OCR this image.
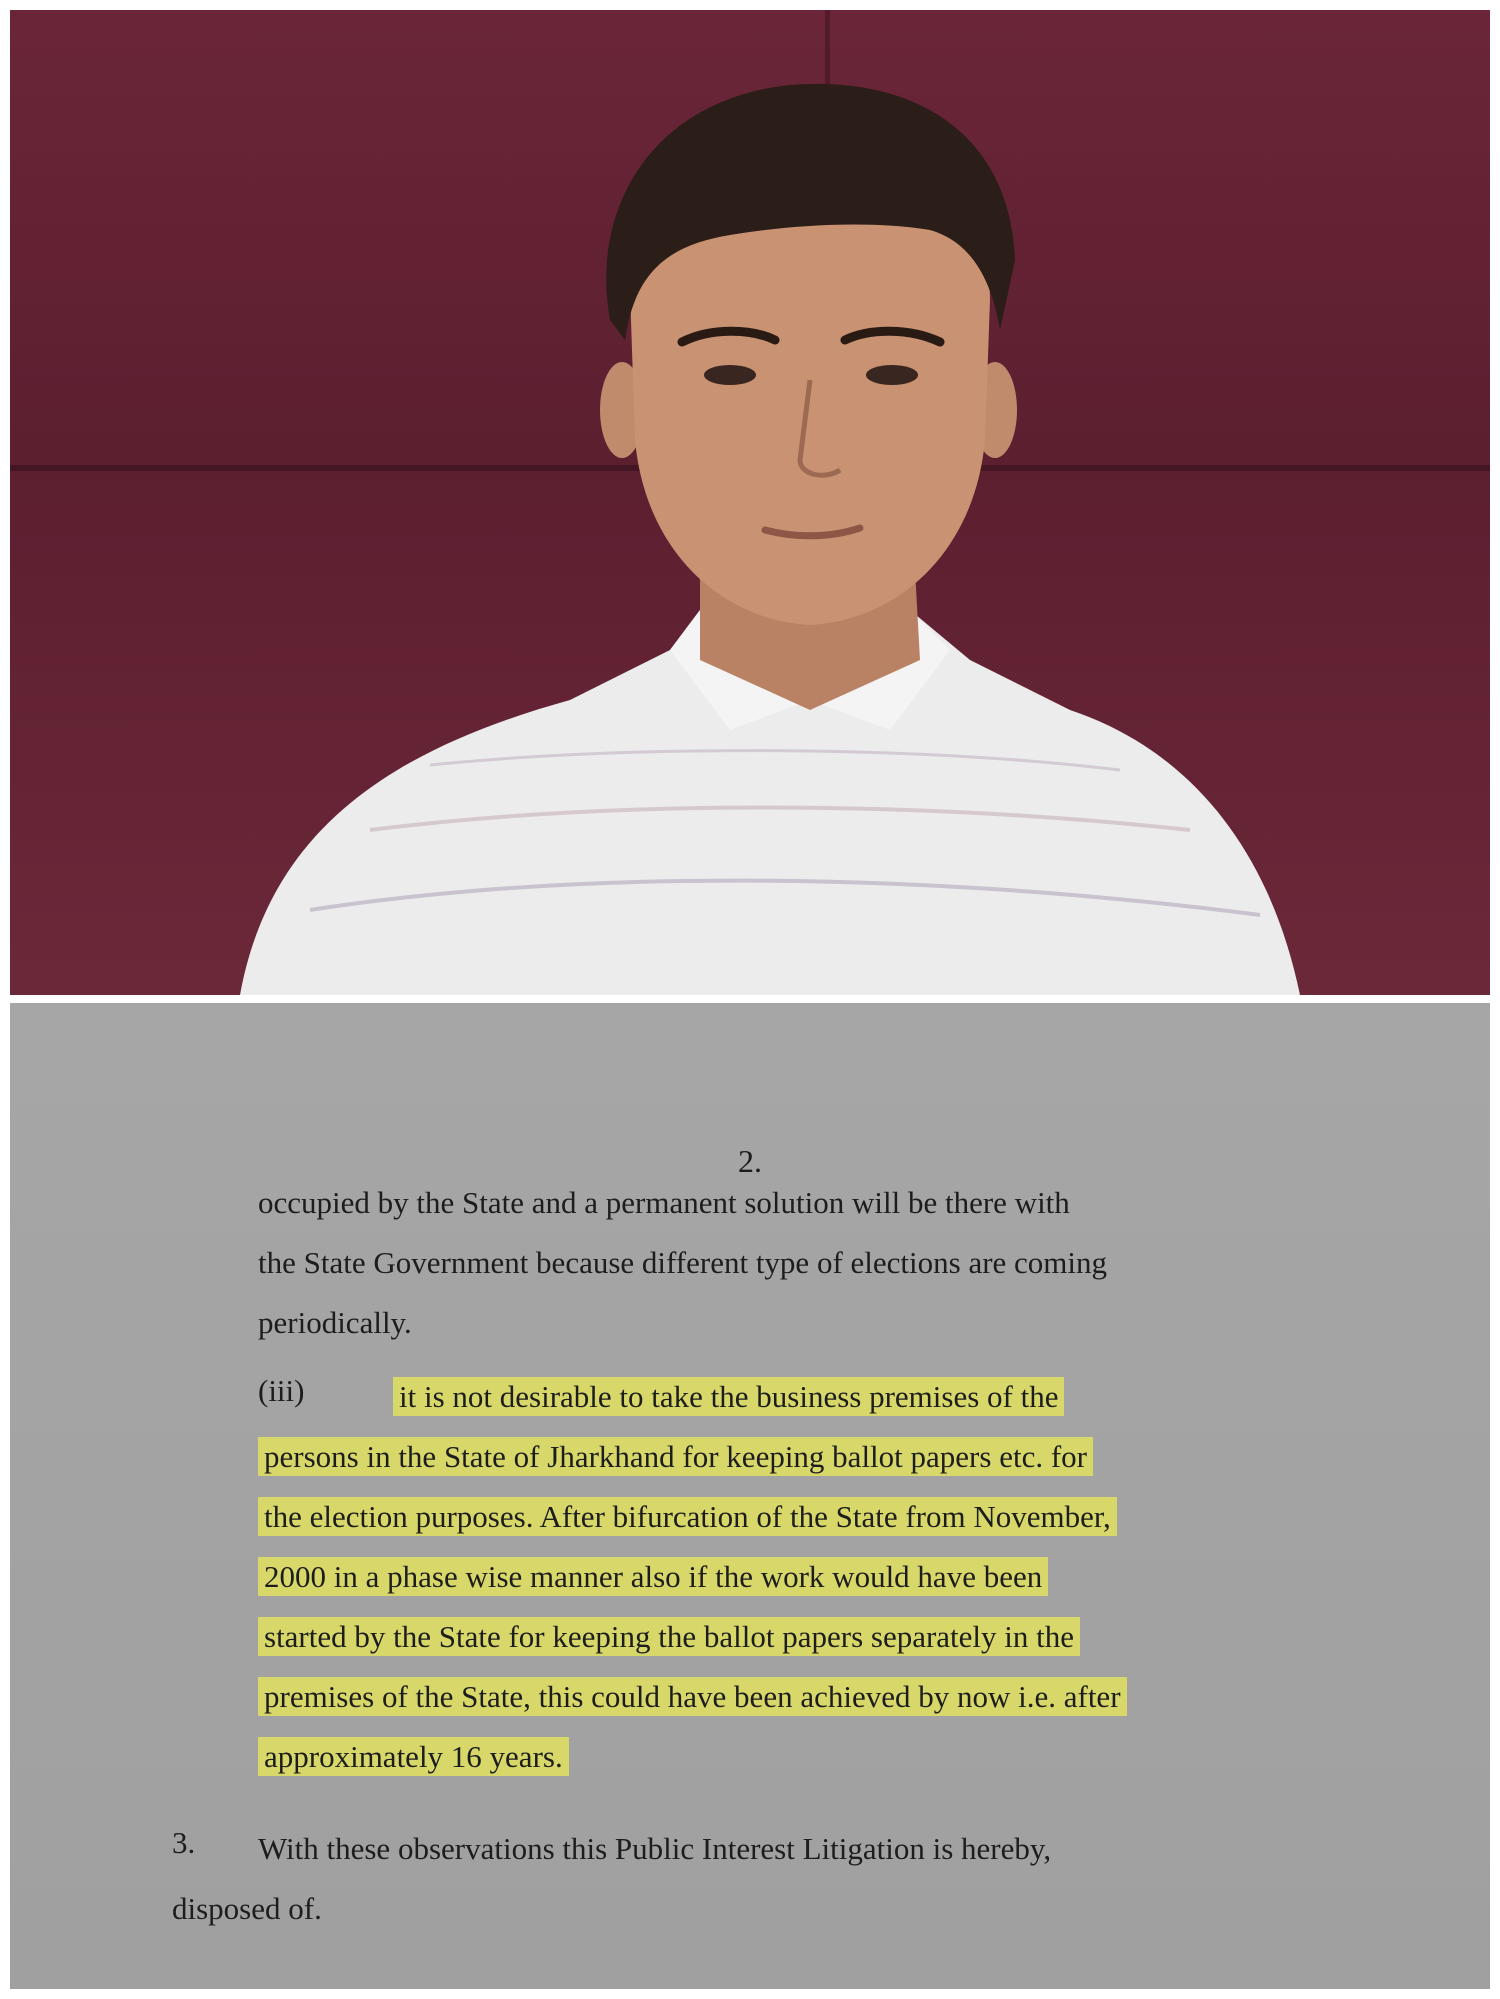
2.
occupied by the State and a permanent solution will be there with
the State Government because different type of elections are coming
periodically.
(iii)	it is not desirable to take the business premises of the
persons in the State of Jharkhand for keeping ballot papers etc. for
the election purposes. After bifurcation of the State from November,
2000 in a phase wise manner also if the work would have been
started by the State for keeping the ballot papers separately in the
premises of the State, this could have been achieved by now i.e. after
approximately 16 years.
3. With these observations this Public Interest Litigation is hereby,
disposed of.
